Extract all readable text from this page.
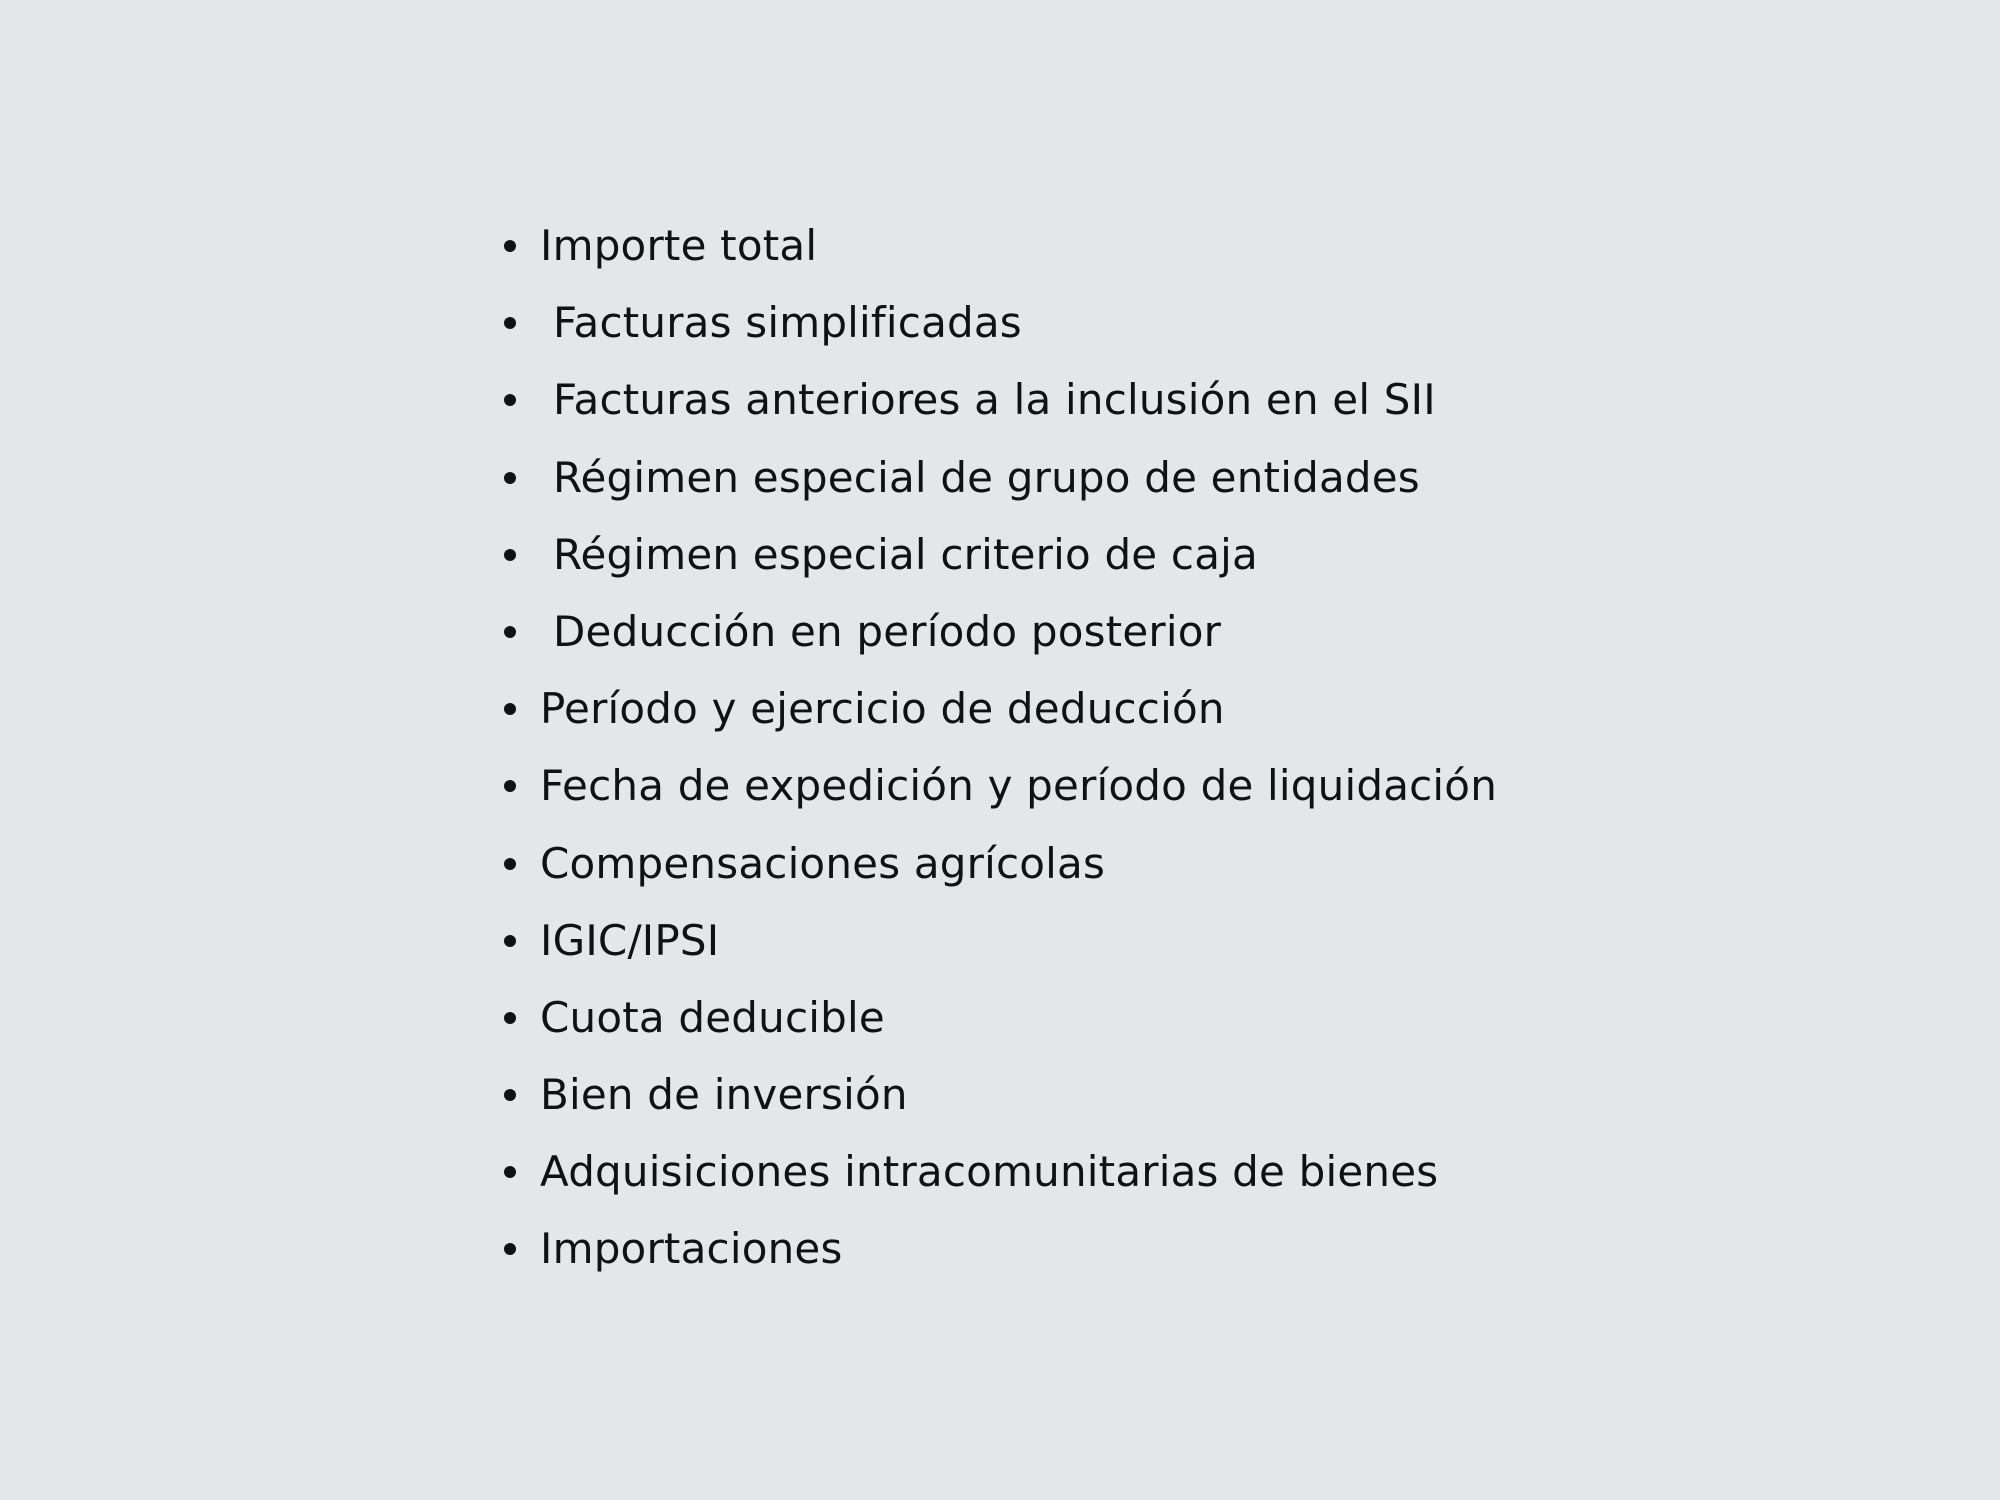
Importe total
Facturas simplificadas
Facturas anteriores a la inclusión en el SII
Régimen especial de grupo de entidades
Régimen especial criterio de caja
Deducción en período posterior
Período y ejercicio de deducción
Fecha de expedición y período de liquidación
Compensaciones agrícolas
IGIC/IPSI
Cuota deducible
Bien de inversión
Adquisiciones intracomunitarias de bienes
Importaciones
